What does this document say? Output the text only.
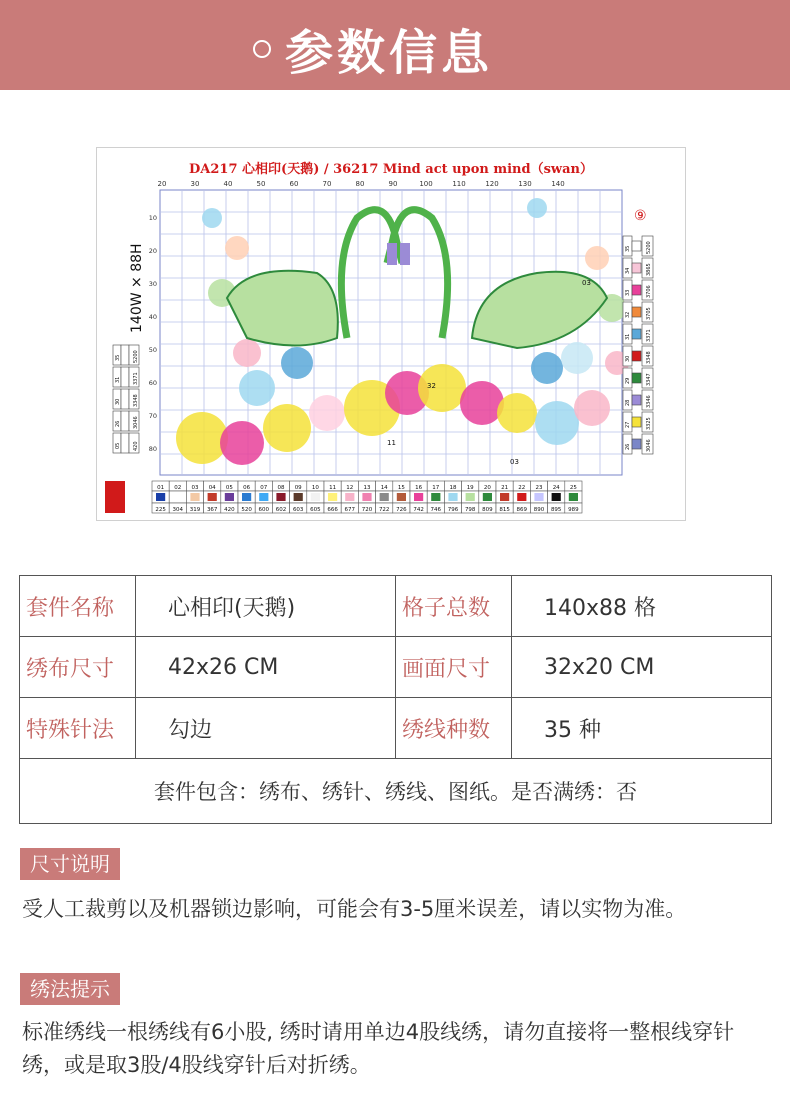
参数信息
DA217 心相印(天鹅) / 36217 Mind act upon mind（swan）
20	30	40	50	60	70	80	90	100	110	120	130	140
10
20
30
40
50
60
70
80
140W × 88H
⑨
03
32
11
03
35 5200
31 3371
30 3348
26 3046
05 420
35	5200
34	3865
33	3706
32	3705
31	3371
30	3348
29	3347
28	3346
27	3325
26	3046
01
225
02
304
03
319
04
367
05
420
06
520
07
600
08
602
09
603
10
605
11
666
12
677
13
720
14
722
15
726
16
742
17
746
18
796
19
798
20
809
21
815
22
869
23
890
24
895
25
989
套件名称	心相印(天鹅)	格子总数	140x88 格
绣布尺寸	42x26 CM	画面尺寸	32x20 CM
特殊针法	勾边	绣线种数	35 种
套件包含：绣布、绣针、绣线、图纸。是否满绣：否			
尺寸说明
受人工裁剪以及机器锁边影响，可能会有3-5厘米误差，请以实物为准。
绣法提示
标准绣线一根绣线有6小股, 绣时请用单边4股线绣，请勿直接将一整根线穿针绣，或是取3股/4股线穿针后对折绣。
